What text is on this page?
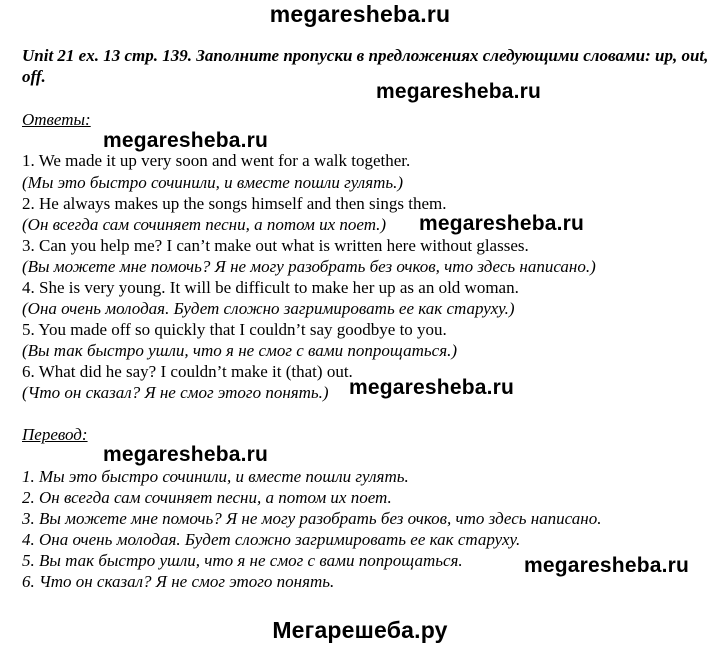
megaresheba.ru
Unit 21 ex. 13 стр. 139. Заполните пропуски в предложениях следующими словами: up, out, off.
Ответы:
1. We made it up very soon and went for a walk together.
(Мы это быстро сочинили, и вместе пошли гулять.)
2. He always makes up the songs himself and then sings them.
(Он всегда сам сочиняет песни, а потом их поет.)
3. Can you help me? I can’t make out what is written here without glasses.
(Вы можете мне помочь? Я не могу разобрать без очков, что здесь написано.)
4. She is very young. It will be difficult to make her up as an old woman.
(Она очень молодая. Будет сложно загримировать ее как старуху.)
5. You made off so quickly that I couldn’t say goodbye to you.
(Вы так быстро ушли, что я не смог с вами попрощаться.)
6. What did he say? I couldn’t make it (that) out.
(Что он сказал? Я не смог этого понять.)
Перевод:
1. Мы это быстро сочинили, и вместе пошли гулять.
2. Он всегда сам сочиняет песни, а потом их поет.
3. Вы можете мне помочь? Я не могу разобрать без очков, что здесь написано.
4. Она очень молодая. Будет сложно загримировать ее как старуху.
5. Вы так быстро ушли, что я не смог с вами попрощаться.
6. Что он сказал? Я не смог этого понять.
megaresheba.ru
megaresheba.ru
megaresheba.ru
megaresheba.ru
megaresheba.ru
megaresheba.ru
Мегарешеба.ру
